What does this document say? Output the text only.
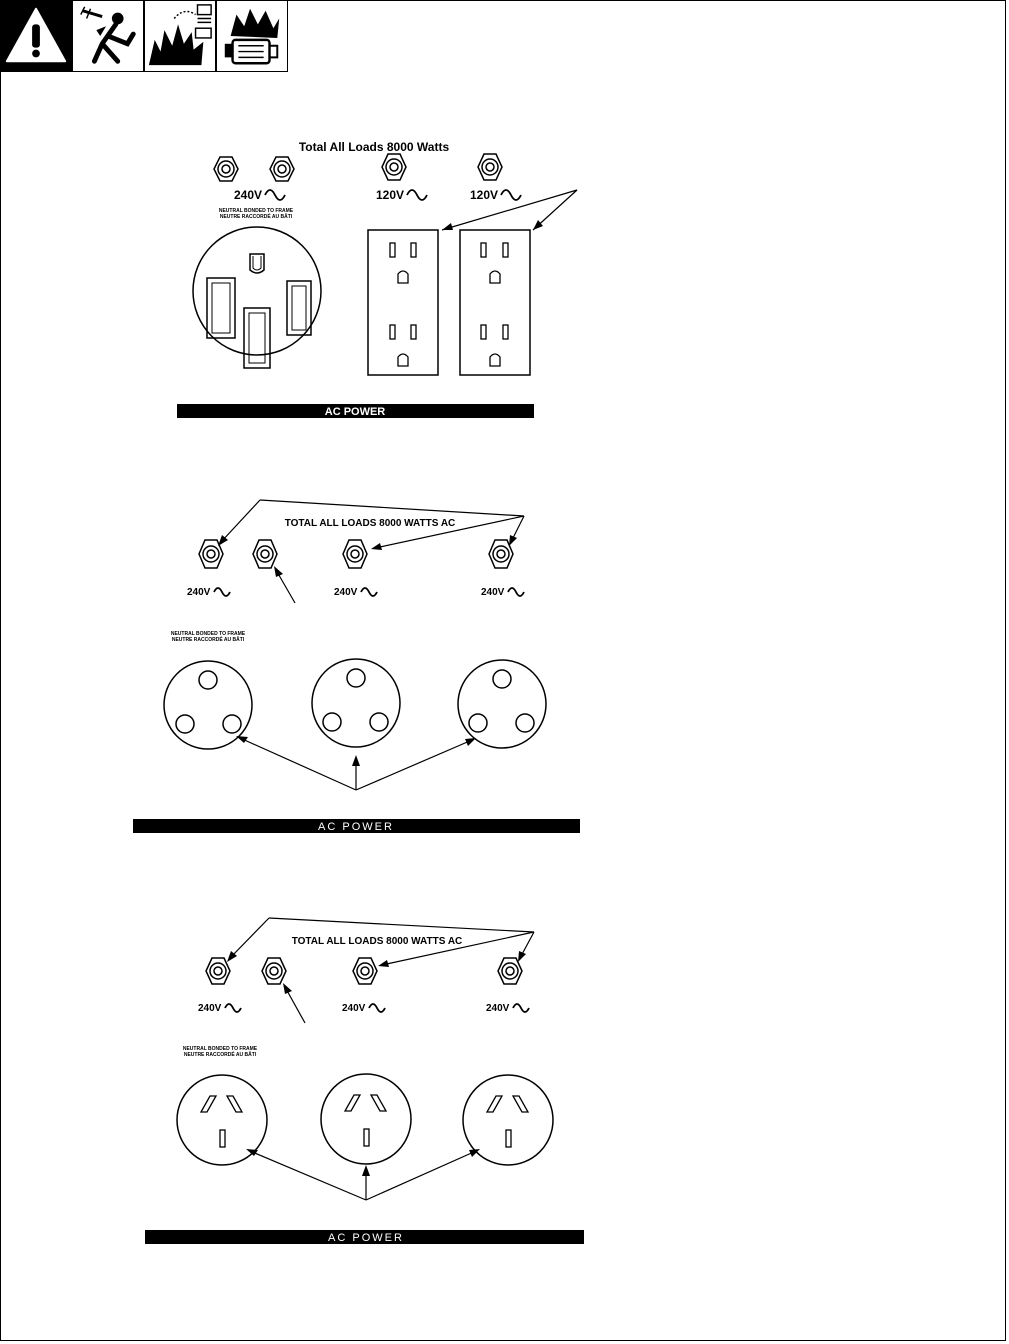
Total All Loads 8000 Watts
240V	120V	120V
NEUTRAL BONDED TO FRAME
NEUTRE RACCORDÉ AU BÂTI
AC POWER
TOTAL ALL LOADS 8000 WATTS AC
240V	240V	240V
NEUTRAL BONDED TO FRAME
NEUTRE RACCORDÉ AU BÂTI
AC POWER
TOTAL ALL LOADS 8000 WATTS AC
240V	240V	240V
NEUTRAL BONDED TO FRAME
NEUTRE RACCORDÉ AU BÂTI
AC POWER
